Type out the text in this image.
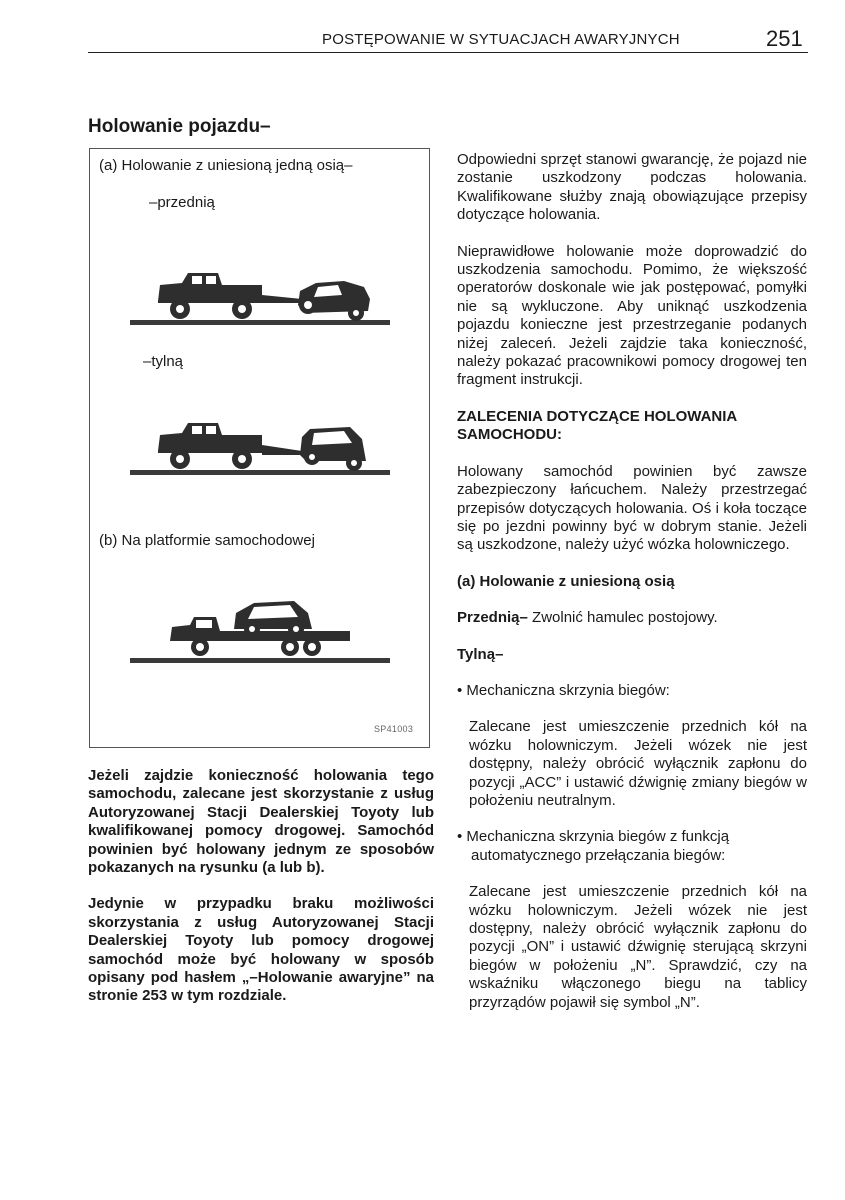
POSTĘPOWANIE W SYTUACJACH AWARYJNYCH	251
Holowanie pojazdu–
(a) Holowanie z uniesioną jedną osią–
–przednią
–tylną
(b) Na platformie samochodowej
SP41003

Jeżeli zajdzie konieczność holowania tego samochodu, zalecane jest skorzystanie z usług Autoryzowanej Stacji Dealerskiej Toyoty lub kwalifikowanej pomocy drogowej. Samochód powinien być holowany jednym ze sposobów pokazanych na rysunku (a lub b).

Jedynie w przypadku braku możliwości skorzystania z usług Autoryzowanej Stacji Dealerskiej Toyoty lub pomocy drogowej samochód może być holowany w sposób opisany pod hasłem „–Holowanie awaryjne” na stronie 253 w tym rozdziale.

Odpowiedni sprzęt stanowi gwarancję, że pojazd nie zostanie uszkodzony podczas holowania. Kwalifikowane służby znają obowiązujące przepisy dotyczące holowania.

Nieprawidłowe holowanie może doprowadzić do uszkodzenia samochodu. Pomimo, że większość operatorów doskonale wie jak postępować, pomyłki nie są wykluczone. Aby uniknąć uszkodzenia pojazdu konieczne jest przestrzeganie podanych niżej zaleceń. Jeżeli zajdzie taka konieczność, należy pokazać pracownikowi pomocy drogowej ten fragment instrukcji.

ZALECENIA DOTYCZĄCE HOLOWANIA SAMOCHODU:

Holowany samochód powinien być zawsze zabezpieczony łańcuchem. Należy przestrzegać przepisów dotyczących holowania. Oś i koła toczące się po jezdni powinny być w dobrym stanie. Jeżeli są uszkodzone, należy użyć wózka holowniczego.

(a) Holowanie z uniesioną osią

Przednią– Zwolnić hamulec postojowy.

Tylną–

• Mechaniczna skrzynia biegów:

Zalecane jest umieszczenie przednich kół na wózku holowniczym. Jeżeli wózek nie jest dostępny, należy obrócić wyłącznik zapłonu do pozycji „ACC” i ustawić dźwignię zmiany biegów w położeniu neutralnym.

• Mechaniczna skrzynia biegów z funkcją automatycznego przełączania biegów:

Zalecane jest umieszczenie przednich kół na wózku holowniczym. Jeżeli wózek nie jest dostępny, należy obrócić wyłącznik zapłonu do pozycji „ON” i ustawić dźwignię sterującą skrzyni biegów w położeniu „N”. Sprawdzić, czy na wskaźniku włączonego biegu na tablicy przyrządów pojawił się symbol „N”.
